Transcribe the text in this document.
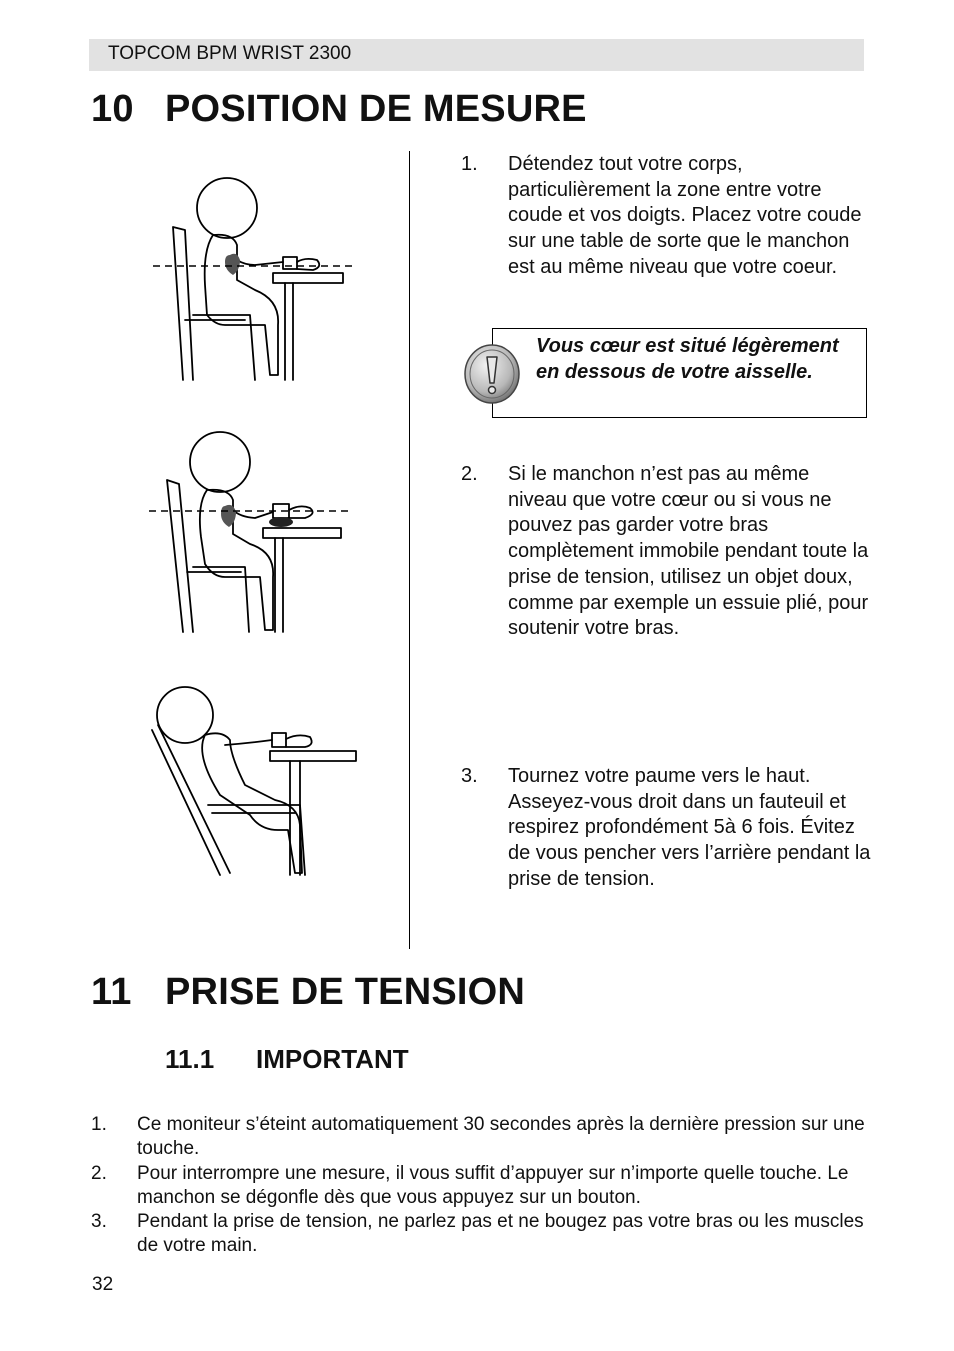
TOPCOM BPM WRIST 2300
10 POSITION DE MESURE
1. Détendez tout votre corps, particulièrement la zone entre votre coude et vos doigts. Placez votre coude sur une table de sorte que le manchon est au même niveau que votre coeur.
Vous cœur est situé légèrement en dessous de votre aisselle.
2. Si le manchon n’est pas au même niveau que votre cœur ou si vous ne pouvez pas garder votre bras complètement immobile pendant toute la prise de tension, utilisez un objet doux, comme par exemple un essuie plié, pour soutenir votre bras.
3. Tournez votre paume vers le haut. Asseyez-vous droit dans un fauteuil et respirez profondément 5à 6 fois. Évitez de vous pencher vers l’arrière pendant la prise de tension.
11 PRISE DE TENSION
11.1 IMPORTANT
1. Ce moniteur s’éteint automatiquement 30 secondes après la dernière pression sur une touche.
2. Pour interrompre une mesure, il vous suffit d’appuyer sur n’importe quelle touche. Le manchon se dégonfle dès que vous appuyez sur un bouton.
3. Pendant la prise de tension, ne parlez pas et ne bougez pas votre bras ou les muscles de votre main.
32
